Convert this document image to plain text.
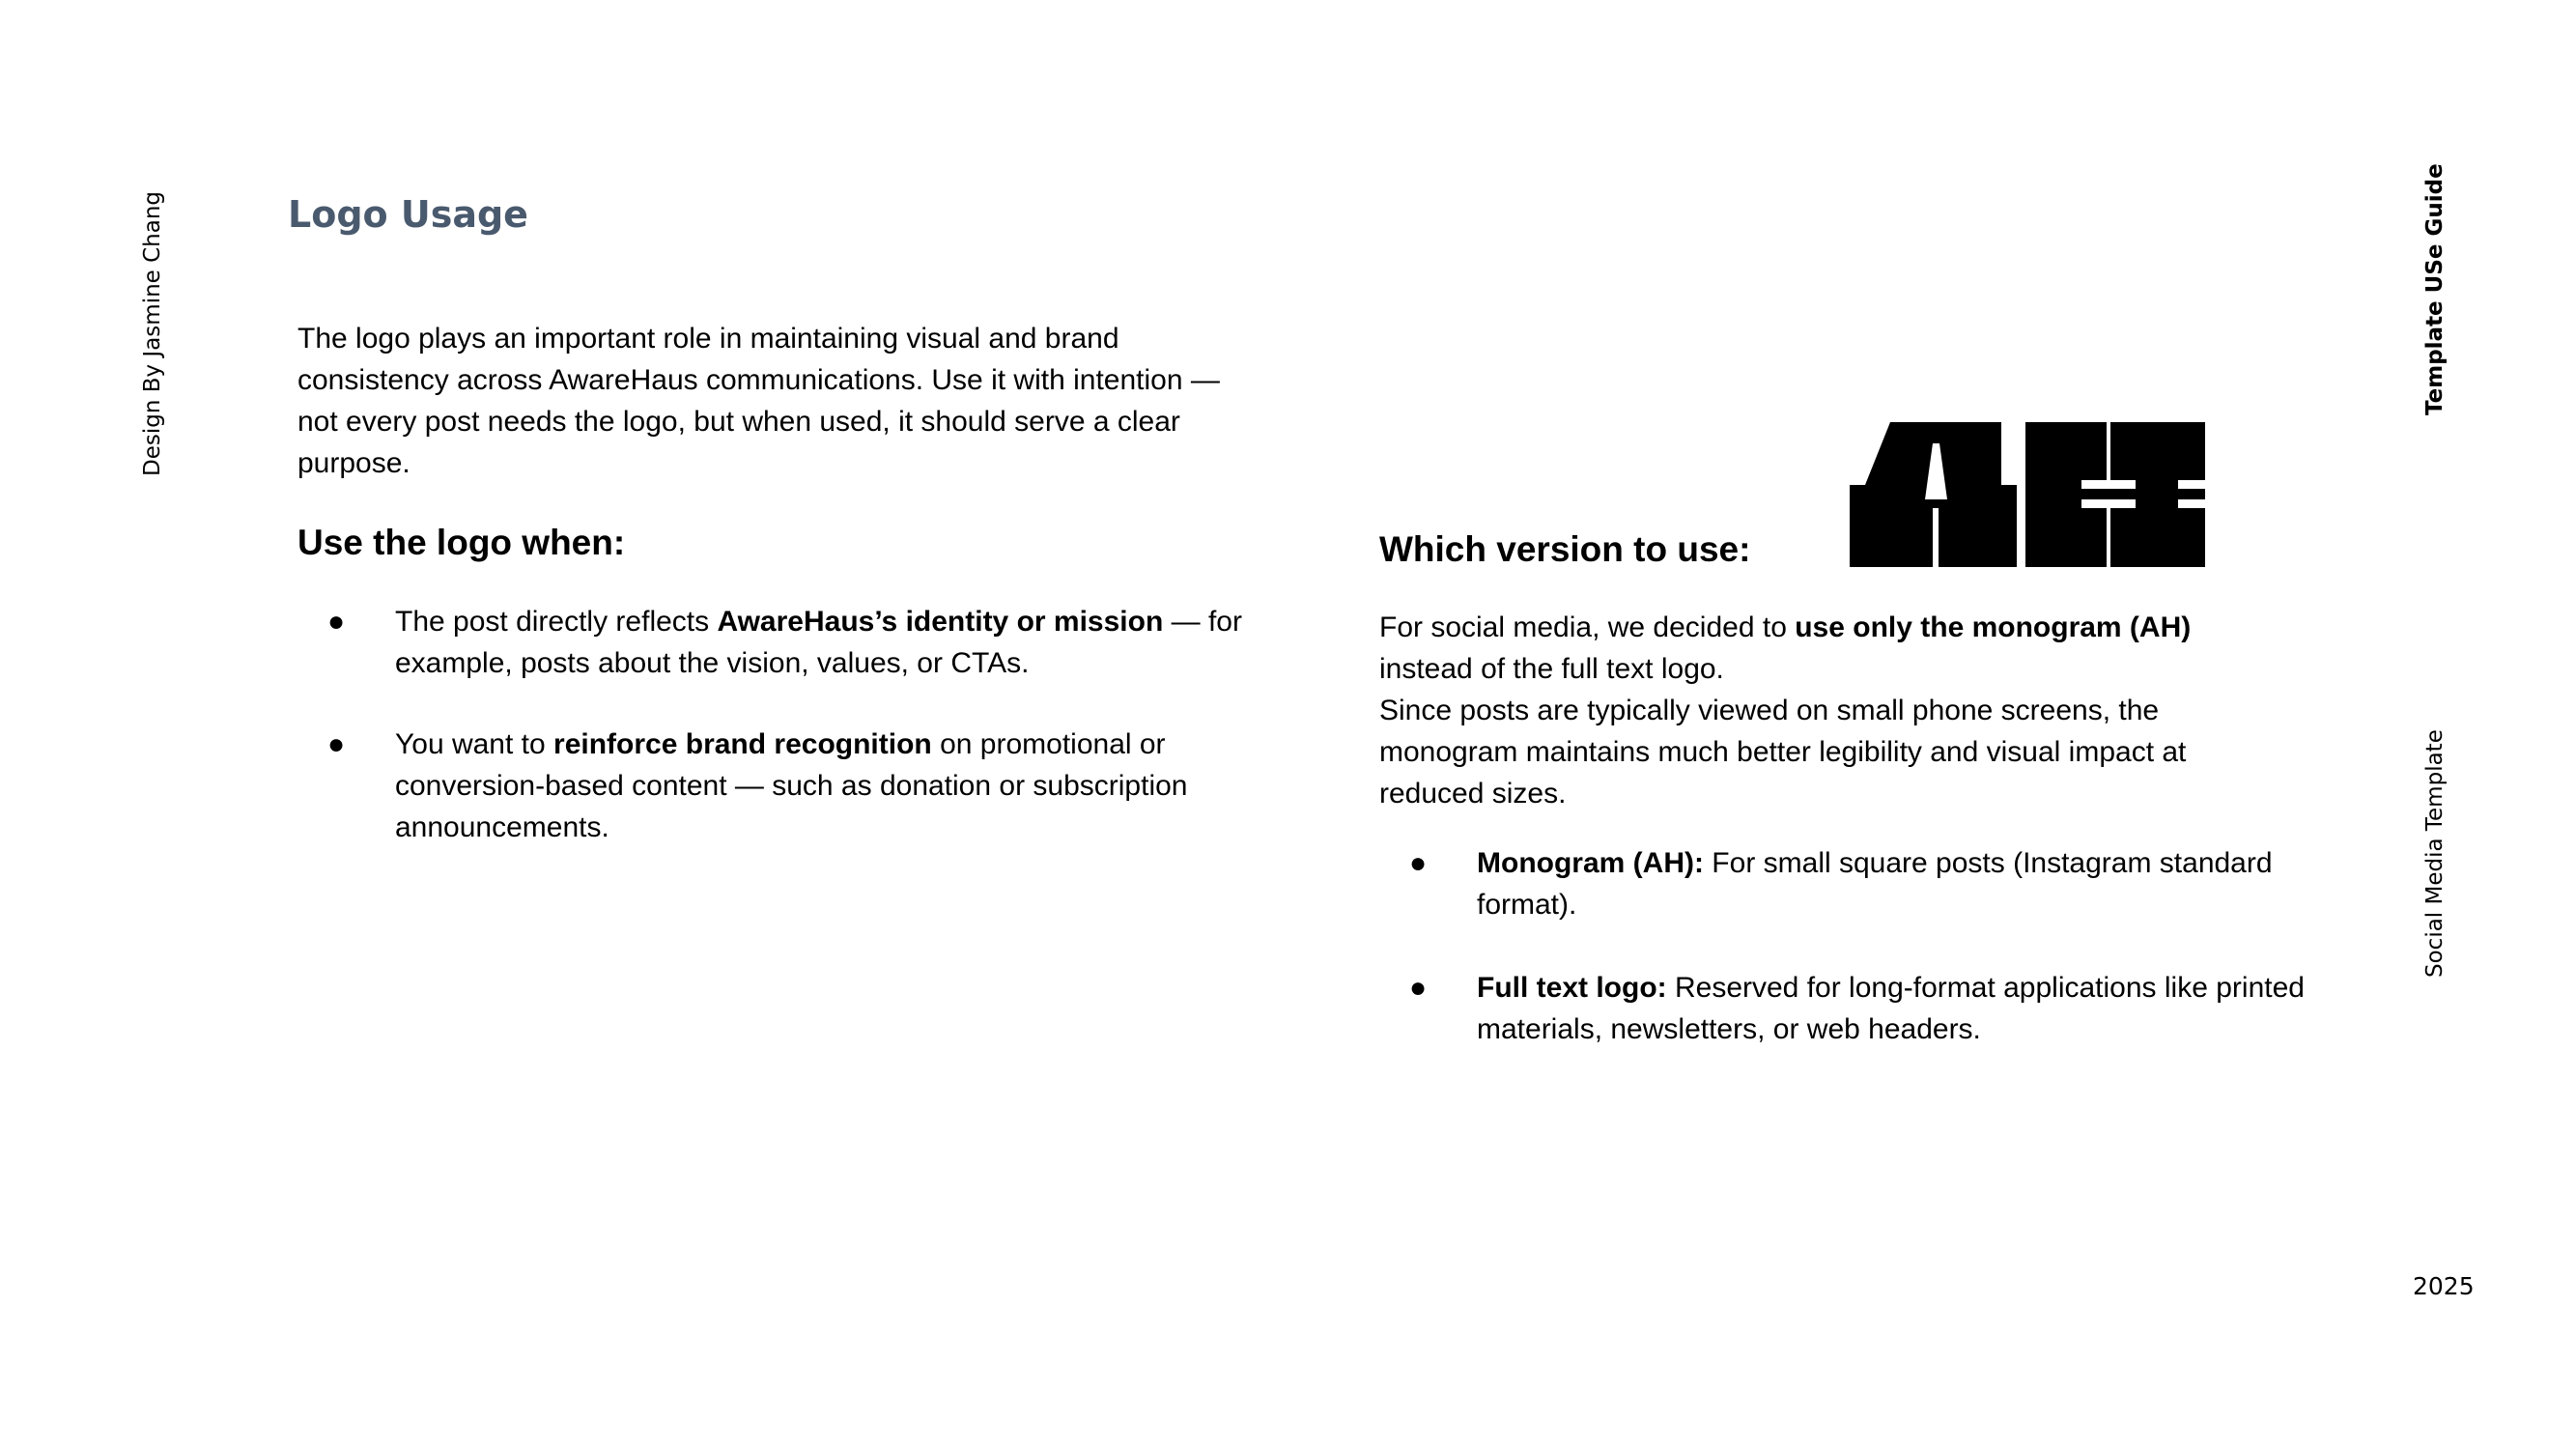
Design By Jasmine Chang	Template USe Guide
Social Media Template
2025
Logo Usage

The logo plays an important role in maintaining visual and brand consistency across AwareHaus communications. Use it with intention — not every post needs the logo, but when used, it should serve a clear purpose.

Use the logo when:
● The post directly reflects AwareHaus’s identity or mission — for example, posts about the vision, values, or CTAs.
● You want to reinforce brand recognition on promotional or conversion-based content — such as donation or subscription announcements.
Which version to use:

For social media, we decided to use only the monogram (AH) instead of the full text logo.

Since posts are typically viewed on small phone screens, the monogram maintains much better legibility and visual impact at reduced sizes.

● Monogram (AH): For small square posts (Instagram standard format).
● Full text logo: Reserved for long-format applications like printed materials, newsletters, or web headers.
